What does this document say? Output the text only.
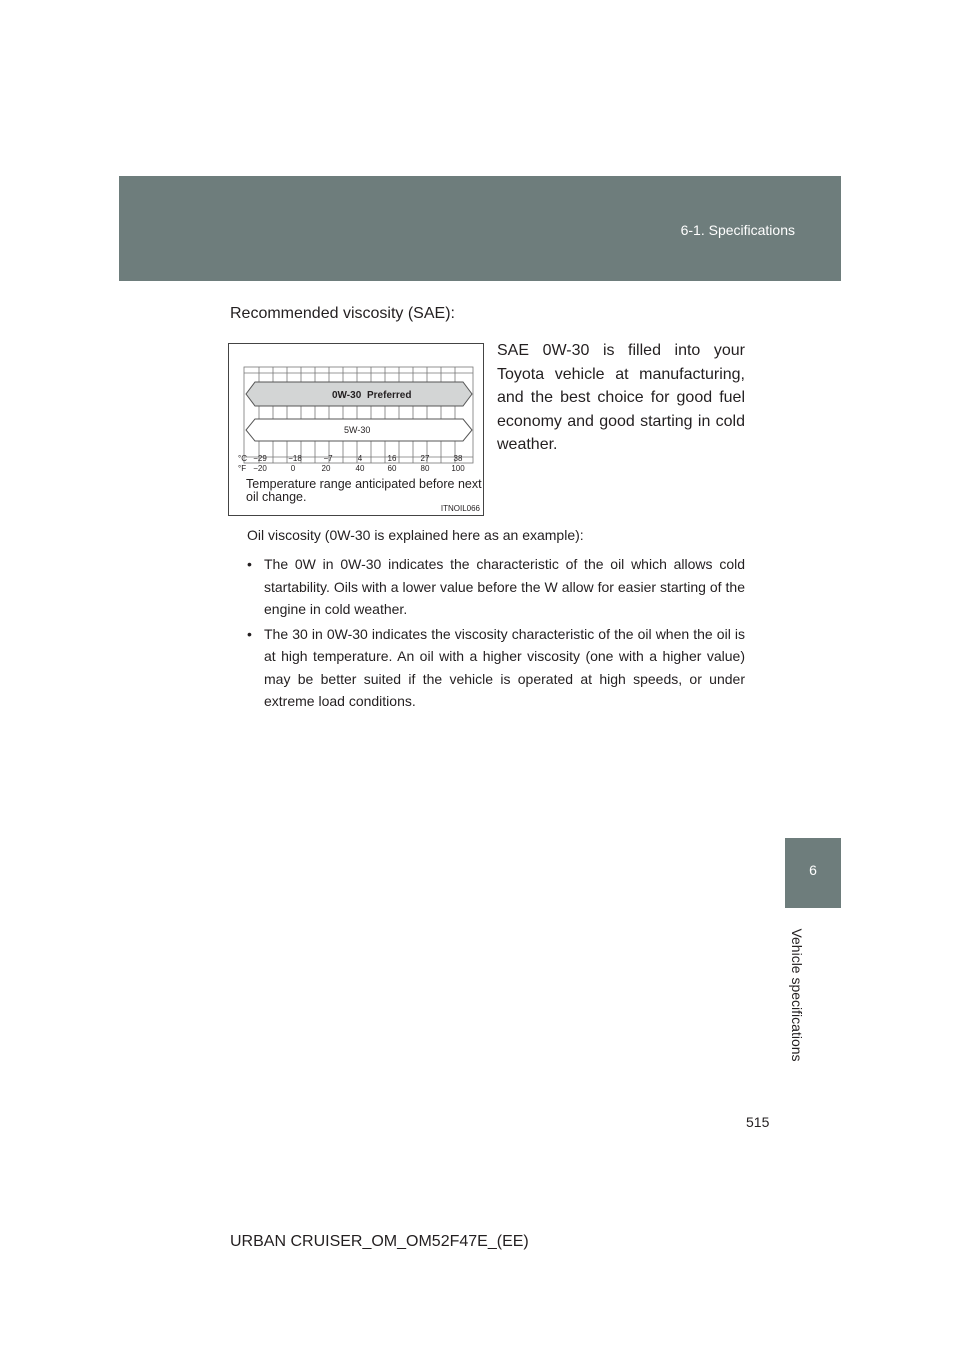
6-1. Specifications
6
Vehicle specifications
Recommended viscosity (SAE):
0W-30 Preferred
5W-30
°C
°F
−29	−18	−7	4	16	27	38
−20	0	20	40	60	80	100
Temperature range anticipated before next oil change.
ITNOIL066
SAE 0W-30 is filled into your Toyota vehicle at manufacturing, and the best choice for good fuel economy and good starting in cold weather.
Oil viscosity (0W-30 is explained here as an example):
• The 0W in 0W-30 indicates the characteristic of the oil which allows cold startability. Oils with a lower value before the W allow for easier starting of the engine in cold weather.
• The 30 in 0W-30 indicates the viscosity characteristic of the oil when the oil is at high temperature. An oil with a higher viscosity (one with a higher value) may be better suited if the vehicle is operated at high speeds, or under extreme load conditions.
515
URBAN CRUISER_OM_OM52F47E_(EE)
